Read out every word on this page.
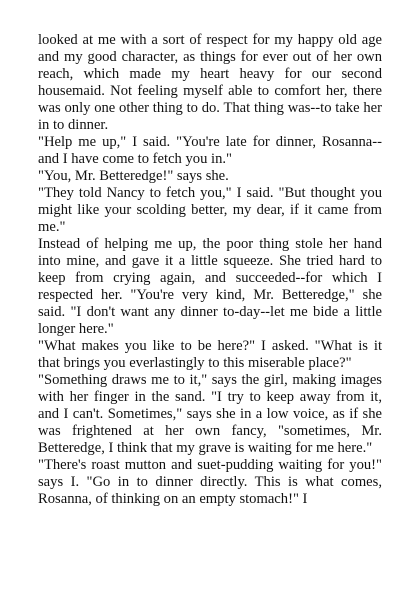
looked at me with a sort of respect for my happy old age and my good character, as things for ever out of her own reach, which made my heart heavy for our second housemaid. Not feeling myself able to comfort her, there was only one other thing to do. That thing was--to take her in to dinner.

"Help me up," I said. "You're late for dinner, Rosanna--and I have come to fetch you in."

"You, Mr. Betteredge!" says she.

"They told Nancy to fetch you," I said. "But thought you might like your scolding better, my dear, if it came from me."

Instead of helping me up, the poor thing stole her hand into mine, and gave it a little squeeze. She tried hard to keep from crying again, and succeeded--for which I respected her. "You're very kind, Mr. Betteredge," she said. "I don't want any dinner to-day--let me bide a little longer here."

"What makes you like to be here?" I asked. "What is it that brings you everlastingly to this miserable place?"

"Something draws me to it," says the girl, making images with her finger in the sand. "I try to keep away from it, and I can't. Sometimes," says she in a low voice, as if she was frightened at her own fancy, "sometimes, Mr. Betteredge, I think that my grave is waiting for me here."

"There's roast mutton and suet-pudding waiting for you!" says I. "Go in to dinner directly. This is what comes, Rosanna, of thinking on an empty stomach!" I
